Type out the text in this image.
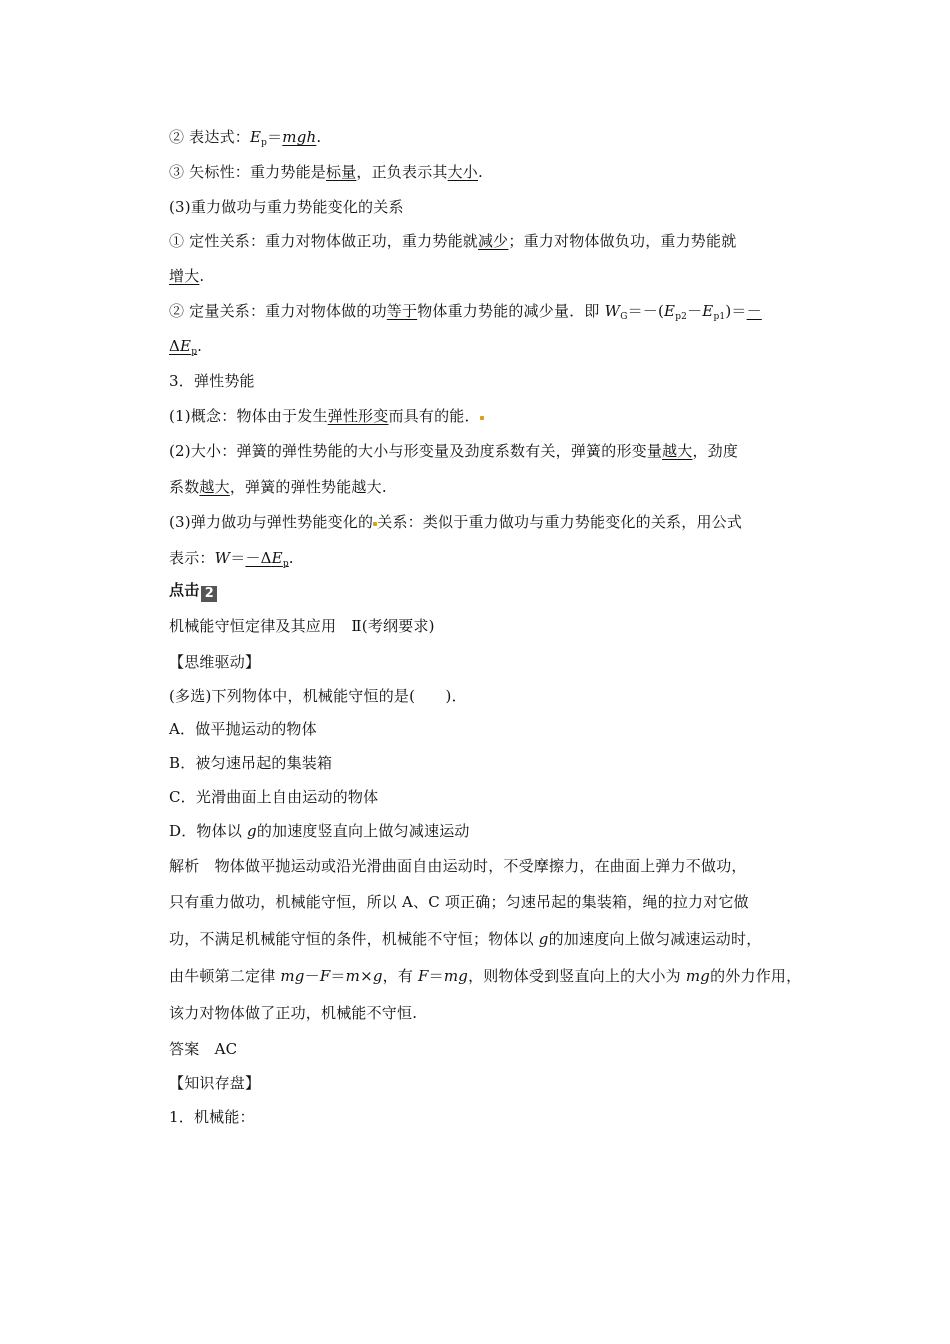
② 表达式：$E_p=mgh$.
③ 矢标性：重力势能是标量，正负表示其大小.
(3)重力做功与重力势能变化的关系
① 定性关系：重力对物体做正功，重力势能就减少；重力对物体做负功，重力势能就
增大.
② 定量关系：重力对物体做的功等于物体重力势能的减少量．即 $W_G=-(E_{p2}-E_{p1})=-$
$\Delta E_p$.
3．弹性势能
(1)概念：物体由于发生弹性形变而具有的能．
(2)大小：弹簧的弹性势能的大小与形变量及劲度系数有关，弹簧的形变量越大，劲度
系数越大，弹簧的弹性势能越大.
(3)弹力做功与弹性势能变化的 关系：类似于重力做功与重力势能变化的关系，用公式
表示：$W=-\Delta E_p$.
点击 2
机械能守恒定律及其应用　Ⅱ(考纲要求)
【思维驱动】
(多选)下列物体中，机械能守恒的是(　　)．
A．做平抛运动的物体
B．被匀速吊起的集装箱
C．光滑曲面上自由运动的物体
D．物体以 g的加速度竖直向上做匀减速运动
解析　物体做平抛运动或沿光滑曲面自由运动时，不受摩擦力，在曲面上弹力不做功，
只有重力做功，机械能守恒，所以 A、C 项正确；匀速吊起的集装箱，绳的拉力对它做
功，不满足机械能守恒的条件，机械能不守恒；物体以 g的加速度向上做匀减速运动时，
由牛顿第二定律 mg－F＝m×g，有 F＝mg，则物体受到竖直向上的大小为 mg的外力作用，
该力对物体做了正功，机械能不守恒.
答案　AC
【知识存盘】
1．机械能：
